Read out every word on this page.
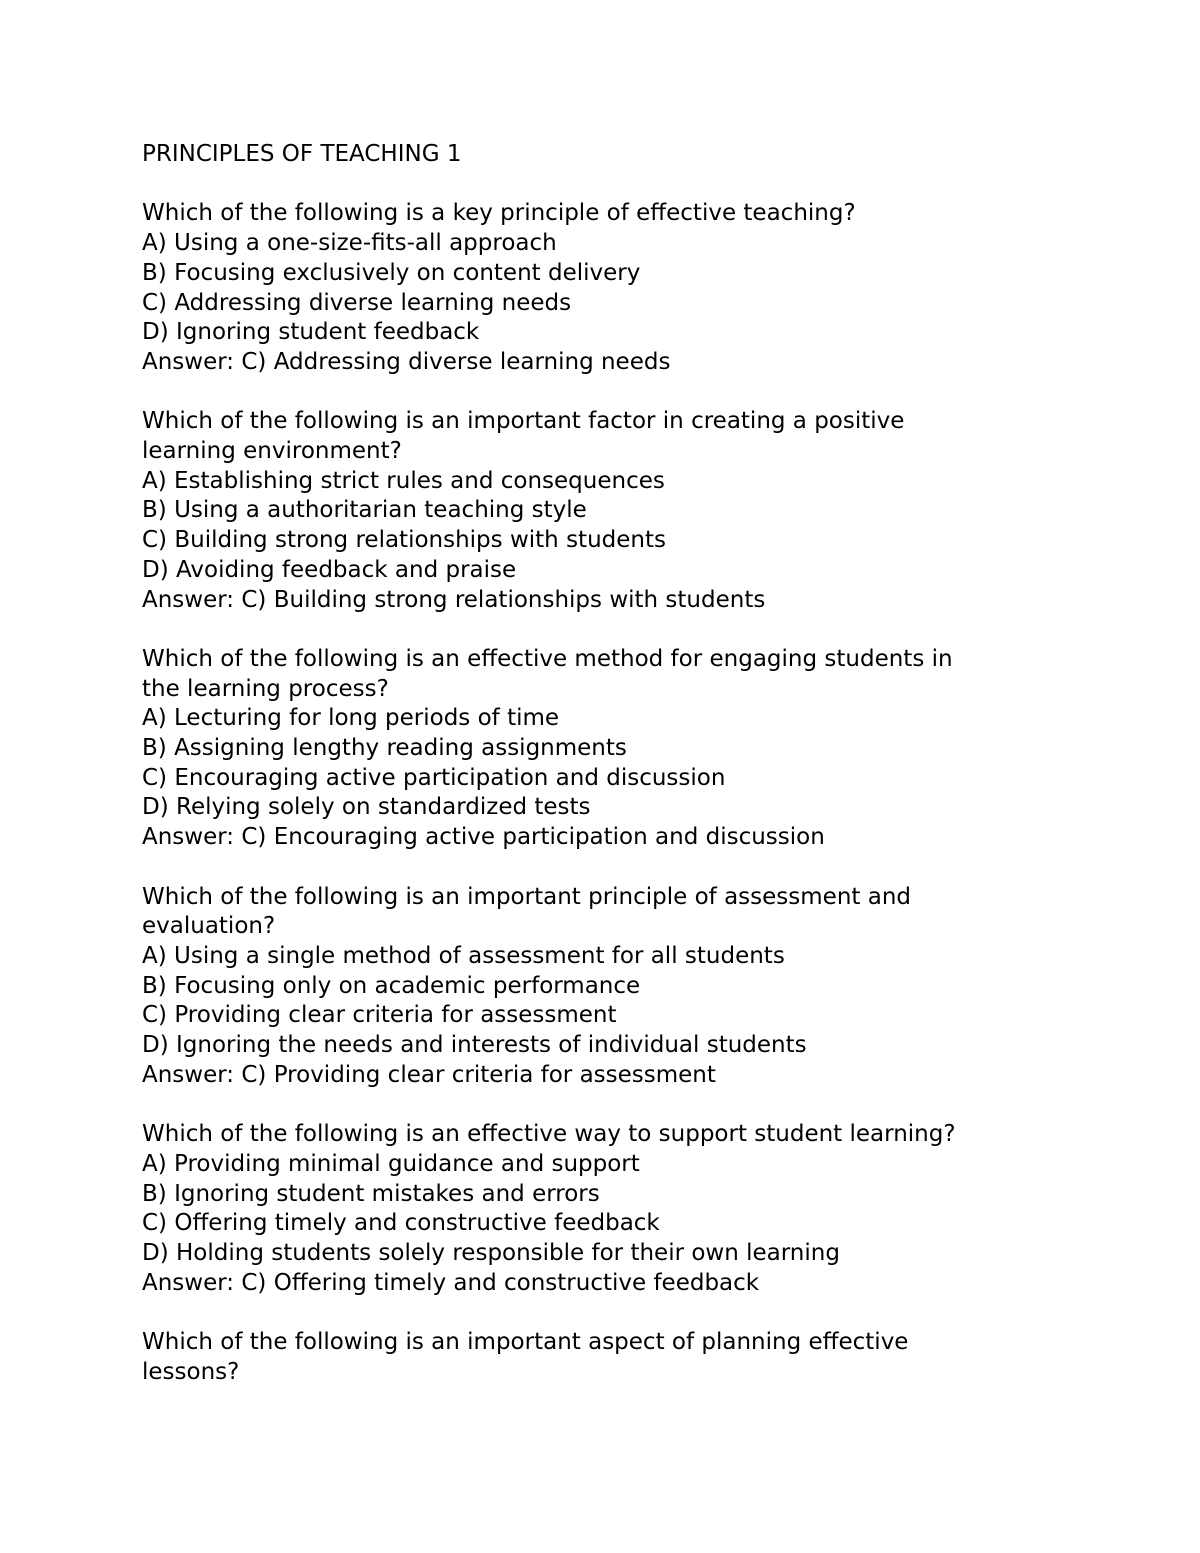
PRINCIPLES OF TEACHING 1
Which of the following is a key principle of effective teaching?
A) Using a one-size-fits-all approach
B) Focusing exclusively on content delivery
C) Addressing diverse learning needs
D) Ignoring student feedback
Answer: C) Addressing diverse learning needs
Which of the following is an important factor in creating a positive
learning environment?
A) Establishing strict rules and consequences
B) Using a authoritarian teaching style
C) Building strong relationships with students
D) Avoiding feedback and praise
Answer: C) Building strong relationships with students
Which of the following is an effective method for engaging students in
the learning process?
A) Lecturing for long periods of time
B) Assigning lengthy reading assignments
C) Encouraging active participation and discussion
D) Relying solely on standardized tests
Answer: C) Encouraging active participation and discussion
Which of the following is an important principle of assessment and
evaluation?
A) Using a single method of assessment for all students
B) Focusing only on academic performance
C) Providing clear criteria for assessment
D) Ignoring the needs and interests of individual students
Answer: C) Providing clear criteria for assessment
Which of the following is an effective way to support student learning?
A) Providing minimal guidance and support
B) Ignoring student mistakes and errors
C) Offering timely and constructive feedback
D) Holding students solely responsible for their own learning
Answer: C) Offering timely and constructive feedback
Which of the following is an important aspect of planning effective
lessons?
